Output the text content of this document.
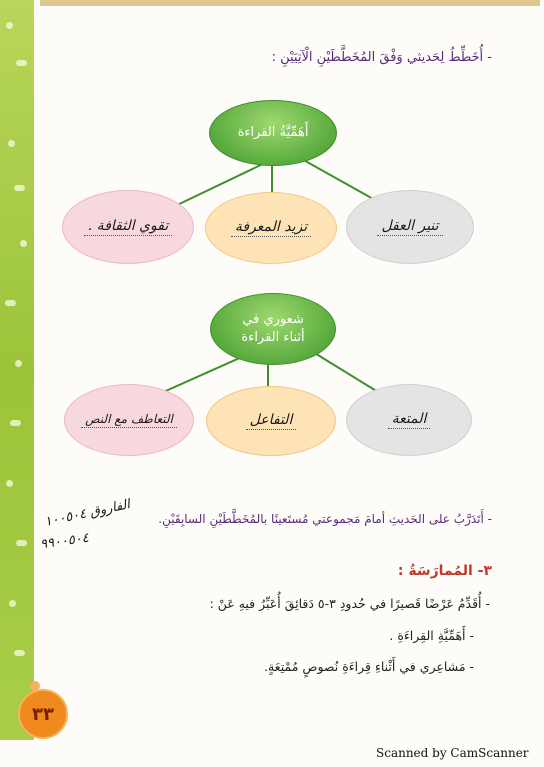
- أُخَطِّطُ لِحَديثي وَفْقَ المُخَطَّطَيْنِ الْآتِيَيْنِ :
أَهَمِّيَّةُ القراءة
تنير العقل
تزيد المعرفة
تقوي الثقافة .
شعوري في
أثناء القراءة
المتعة
التفاعل
التعاطف مع النص
- أَتَدَرَّبُ على الحَديثِ أمامَ مَجموعتي مُستَعينًا بالمُخَطَّطَيْنِ السابِقَيْنِ.
الفاروق ١٠٠٥٠٤
٩٩٠٠٥٠٤
٣- المُمارَسَةُ :
- أُقَدِّمُ عَرْضًا قَصيرًا في حُدودِ ٣-٥ دَقائِقَ أُعَبِّرُ فيهِ عَنْ :
- أَهَمِّيَّةِ القِراءَةِ .
- مَشاعِري في أَثْناءِ قِراءَةِ نُصوصٍ مُمْتِعَةٍ.
٣٣
Scanned by CamScanner
